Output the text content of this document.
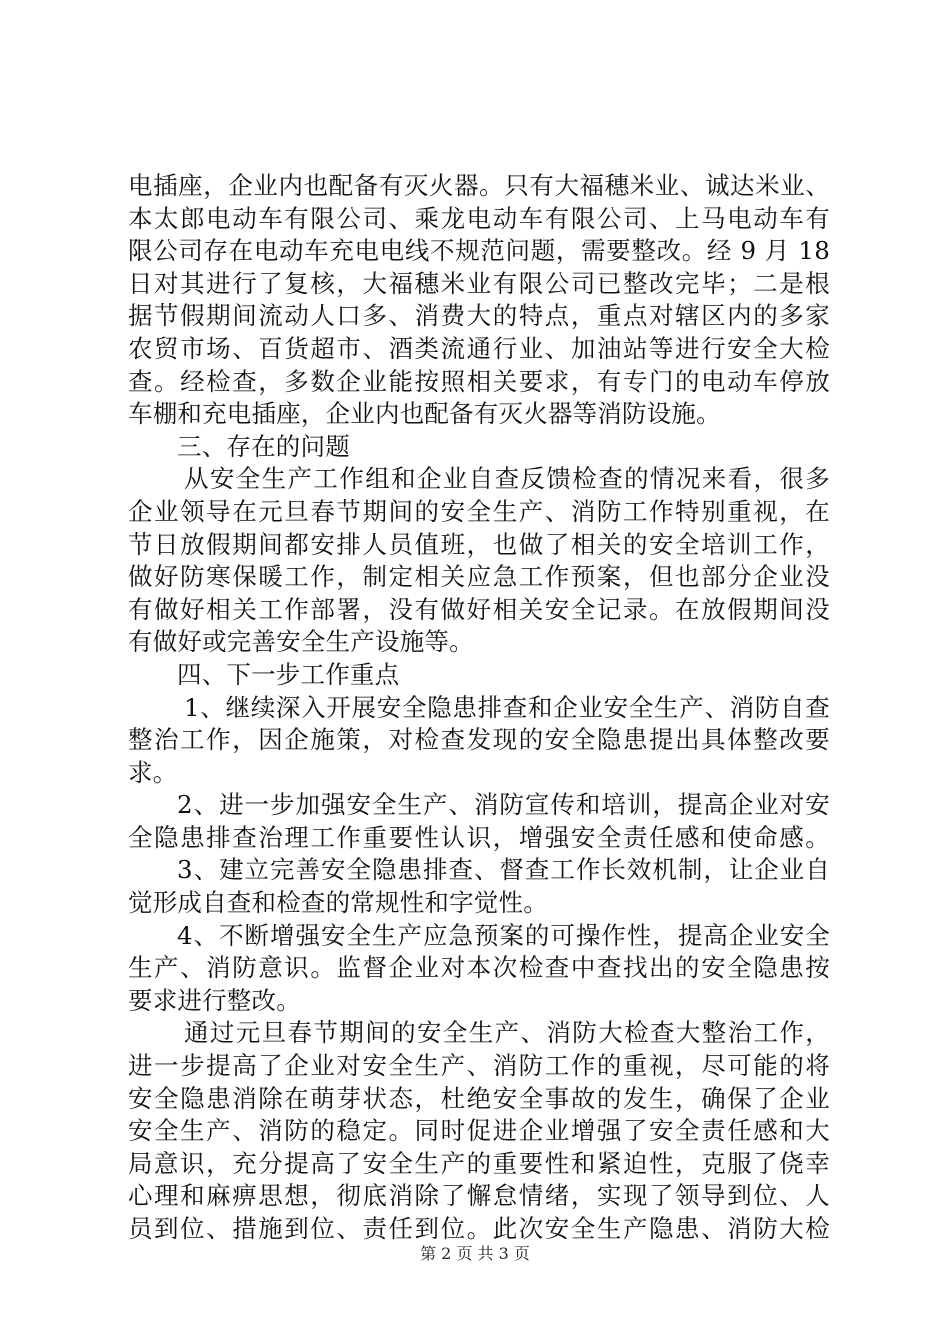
电插座，企业内也配备有灭火器。只有大福穗米业、诚达米业、
本太郎电动车有限公司、乘龙电动车有限公司、上马电动车有
限公司存在电动车充电电线不规范问题，需要整改。经 9 月 18
日对其进行了复核，大福穗米业有限公司已整改完毕；二是根
据节假期间流动人口多、消费大的特点，重点对辖区内的多家
农贸市场、百货超市、酒类流通行业、加油站等进行安全大检
查。经检查，多数企业能按照相关要求，有专门的电动车停放
车棚和充电插座，企业内也配备有灭火器等消防设施。
三、存在的问题
从安全生产工作组和企业自查反馈检查的情况来看，很多
企业领导在元旦春节期间的安全生产、消防工作特别重视，在
节日放假期间都安排人员值班，也做了相关的安全培训工作，
做好防寒保暖工作，制定相关应急工作预案，但也部分企业没
有做好相关工作部署，没有做好相关安全记录。在放假期间没
有做好或完善安全生产设施等。
四、下一步工作重点
1、继续深入开展安全隐患排查和企业安全生产、消防自查
整治工作，因企施策，对检查发现的安全隐患提出具体整改要
求。
2、进一步加强安全生产、消防宣传和培训，提高企业对安
全隐患排查治理工作重要性认识，增强安全责任感和使命感。
3、建立完善安全隐患排查、督查工作长效机制，让企业自
觉形成自查和检查的常规性和字觉性。
4、不断增强安全生产应急预案的可操作性，提高企业安全
生产、消防意识。监督企业对本次检查中查找出的安全隐患按
要求进行整改。
通过元旦春节期间的安全生产、消防大检查大整治工作，
进一步提高了企业对安全生产、消防工作的重视，尽可能的将
安全隐患消除在萌芽状态，杜绝安全事故的发生，确保了企业
安全生产、消防的稳定。同时促进企业增强了安全责任感和大
局意识，充分提高了安全生产的重要性和紧迫性，克服了侥幸
心理和麻痹思想，彻底消除了懈怠情绪，实现了领导到位、人
员到位、措施到位、责任到位。此次安全生产隐患、消防大检
第 2 页 共 3 页
